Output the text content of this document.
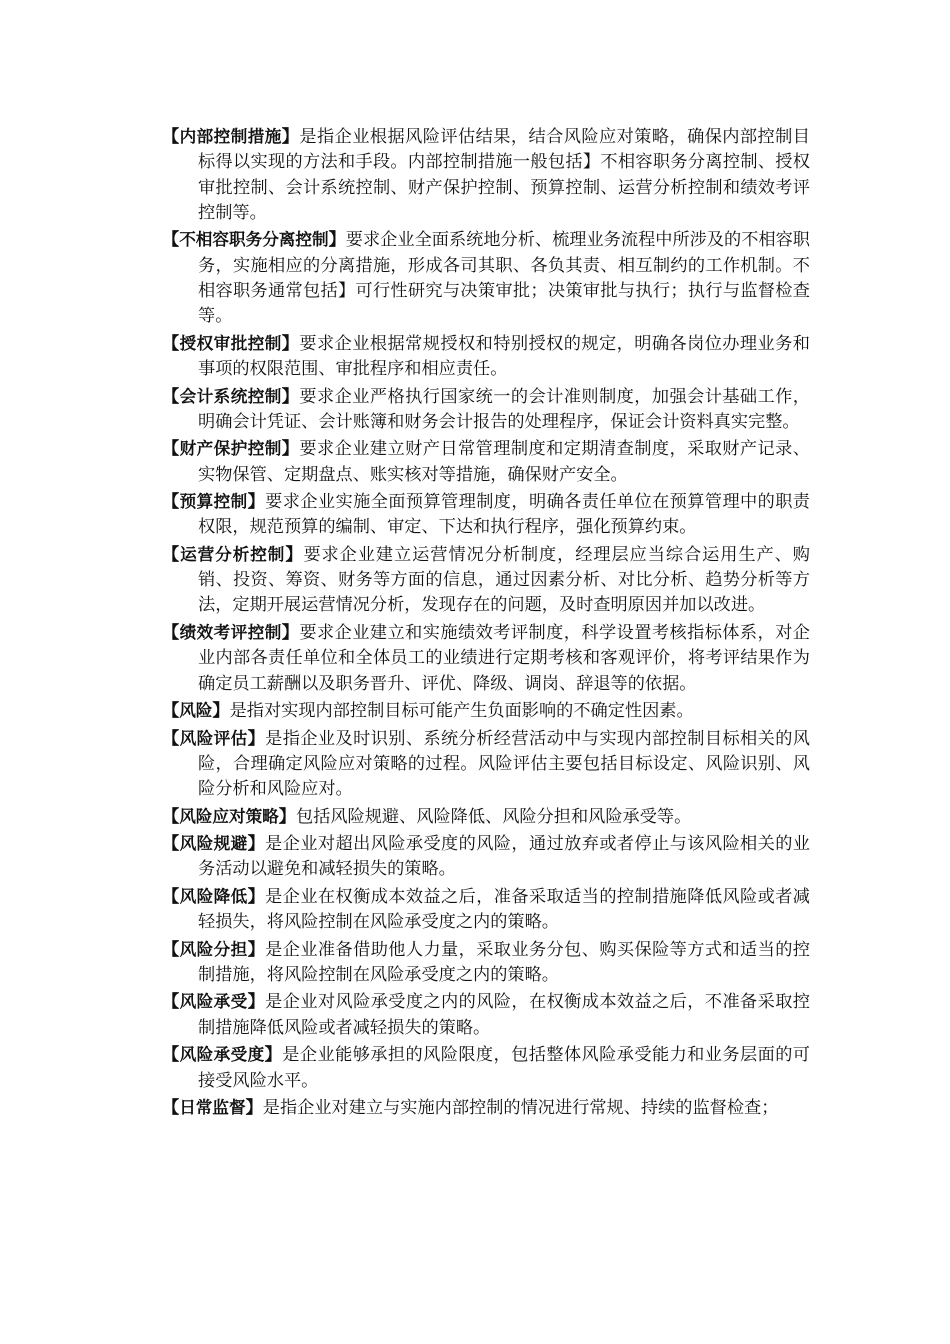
【内部控制措施】是指企业根据风险评估结果，结合风险应对策略，确保内部控制目标得以实现的方法和手段。内部控制措施一般包括】不相容职务分离控制、授权审批控制、会计系统控制、财产保护控制、预算控制、运营分析控制和绩效考评控制等。

【不相容职务分离控制】要求企业全面系统地分析、梳理业务流程中所涉及的不相容职务，实施相应的分离措施，形成各司其职、各负其责、相互制约的工作机制。不相容职务通常包括】可行性研究与决策审批；决策审批与执行；执行与监督检查等。

【授权审批控制】要求企业根据常规授权和特别授权的规定，明确各岗位办理业务和事项的权限范围、审批程序和相应责任。

【会计系统控制】要求企业严格执行国家统一的会计准则制度，加强会计基础工作，明确会计凭证、会计账簿和财务会计报告的处理程序，保证会计资料真实完整。

【财产保护控制】要求企业建立财产日常管理制度和定期清查制度，采取财产记录、实物保管、定期盘点、账实核对等措施，确保财产安全。

【预算控制】要求企业实施全面预算管理制度，明确各责任单位在预算管理中的职责权限，规范预算的编制、审定、下达和执行程序，强化预算约束。

【运营分析控制】要求企业建立运营情况分析制度，经理层应当综合运用生产、购销、投资、筹资、财务等方面的信息，通过因素分析、对比分析、趋势分析等方法，定期开展运营情况分析，发现存在的问题，及时查明原因并加以改进。

【绩效考评控制】要求企业建立和实施绩效考评制度，科学设置考核指标体系，对企业内部各责任单位和全体员工的业绩进行定期考核和客观评价，将考评结果作为确定员工薪酬以及职务晋升、评优、降级、调岗、辞退等的依据。

【风险】是指对实现内部控制目标可能产生负面影响的不确定性因素。

【风险评估】是指企业及时识别、系统分析经营活动中与实现内部控制目标相关的风险，合理确定风险应对策略的过程。风险评估主要包括目标设定、风险识别、风险分析和风险应对。

【风险应对策略】包括风险规避、风险降低、风险分担和风险承受等。

【风险规避】是企业对超出风险承受度的风险，通过放弃或者停止与该风险相关的业务活动以避免和减轻损失的策略。

【风险降低】是企业在权衡成本效益之后，准备采取适当的控制措施降低风险或者减轻损失，将风险控制在风险承受度之内的策略。

【风险分担】是企业准备借助他人力量，采取业务分包、购买保险等方式和适当的控制措施，将风险控制在风险承受度之内的策略。

【风险承受】是企业对风险承受度之内的风险，在权衡成本效益之后，不准备采取控制措施降低风险或者减轻损失的策略。

【风险承受度】是企业能够承担的风险限度，包括整体风险承受能力和业务层面的可接受风险水平。

【日常监督】是指企业对建立与实施内部控制的情况进行常规、持续的监督检查；
